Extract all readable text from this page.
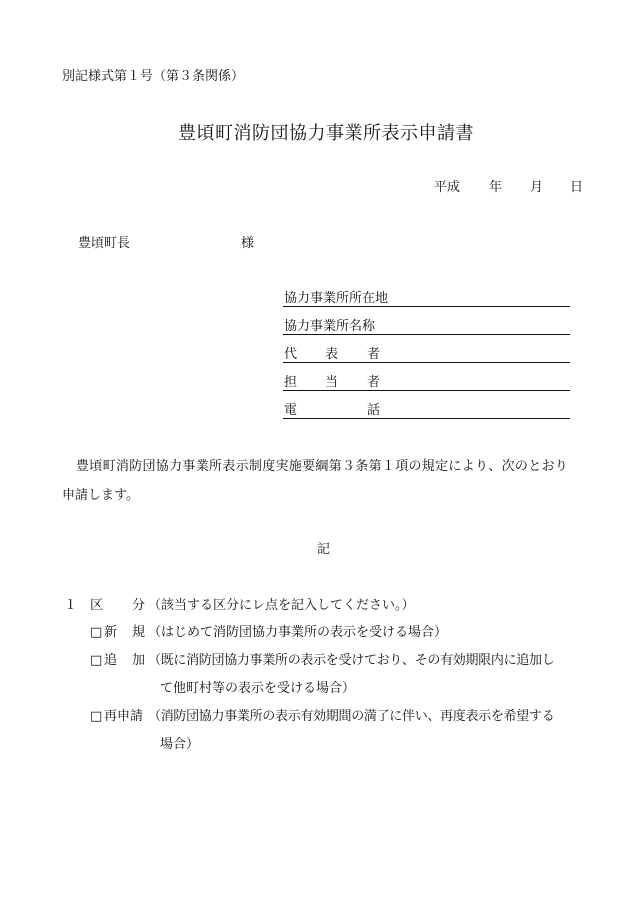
別記様式第１号（第３条関係）
豊頃町消防団協力事業所表示申請書
平成 年 月 日
豊頃町長	様
協力事業所所在地
協力事業所名称
代 表 者
担 当 者
電	話
豊頃町消防団協力事業所表示制度実施要綱第３条第１項の規定により、次のとおり
申請します。
記
１ 区 分 （該当する区分にレ点を記入してください。）
□ 新 規 （はじめて消防団協力事業所の表示を受ける場合）
□ 追 加 （既に消防団協力事業所の表示を受けており、その有効期限内に追加し
て他町村等の表示を受ける場合）
□ 再申請 （消防団協力事業所の表示有効期間の満了に伴い、再度表示を希望する
場合）
